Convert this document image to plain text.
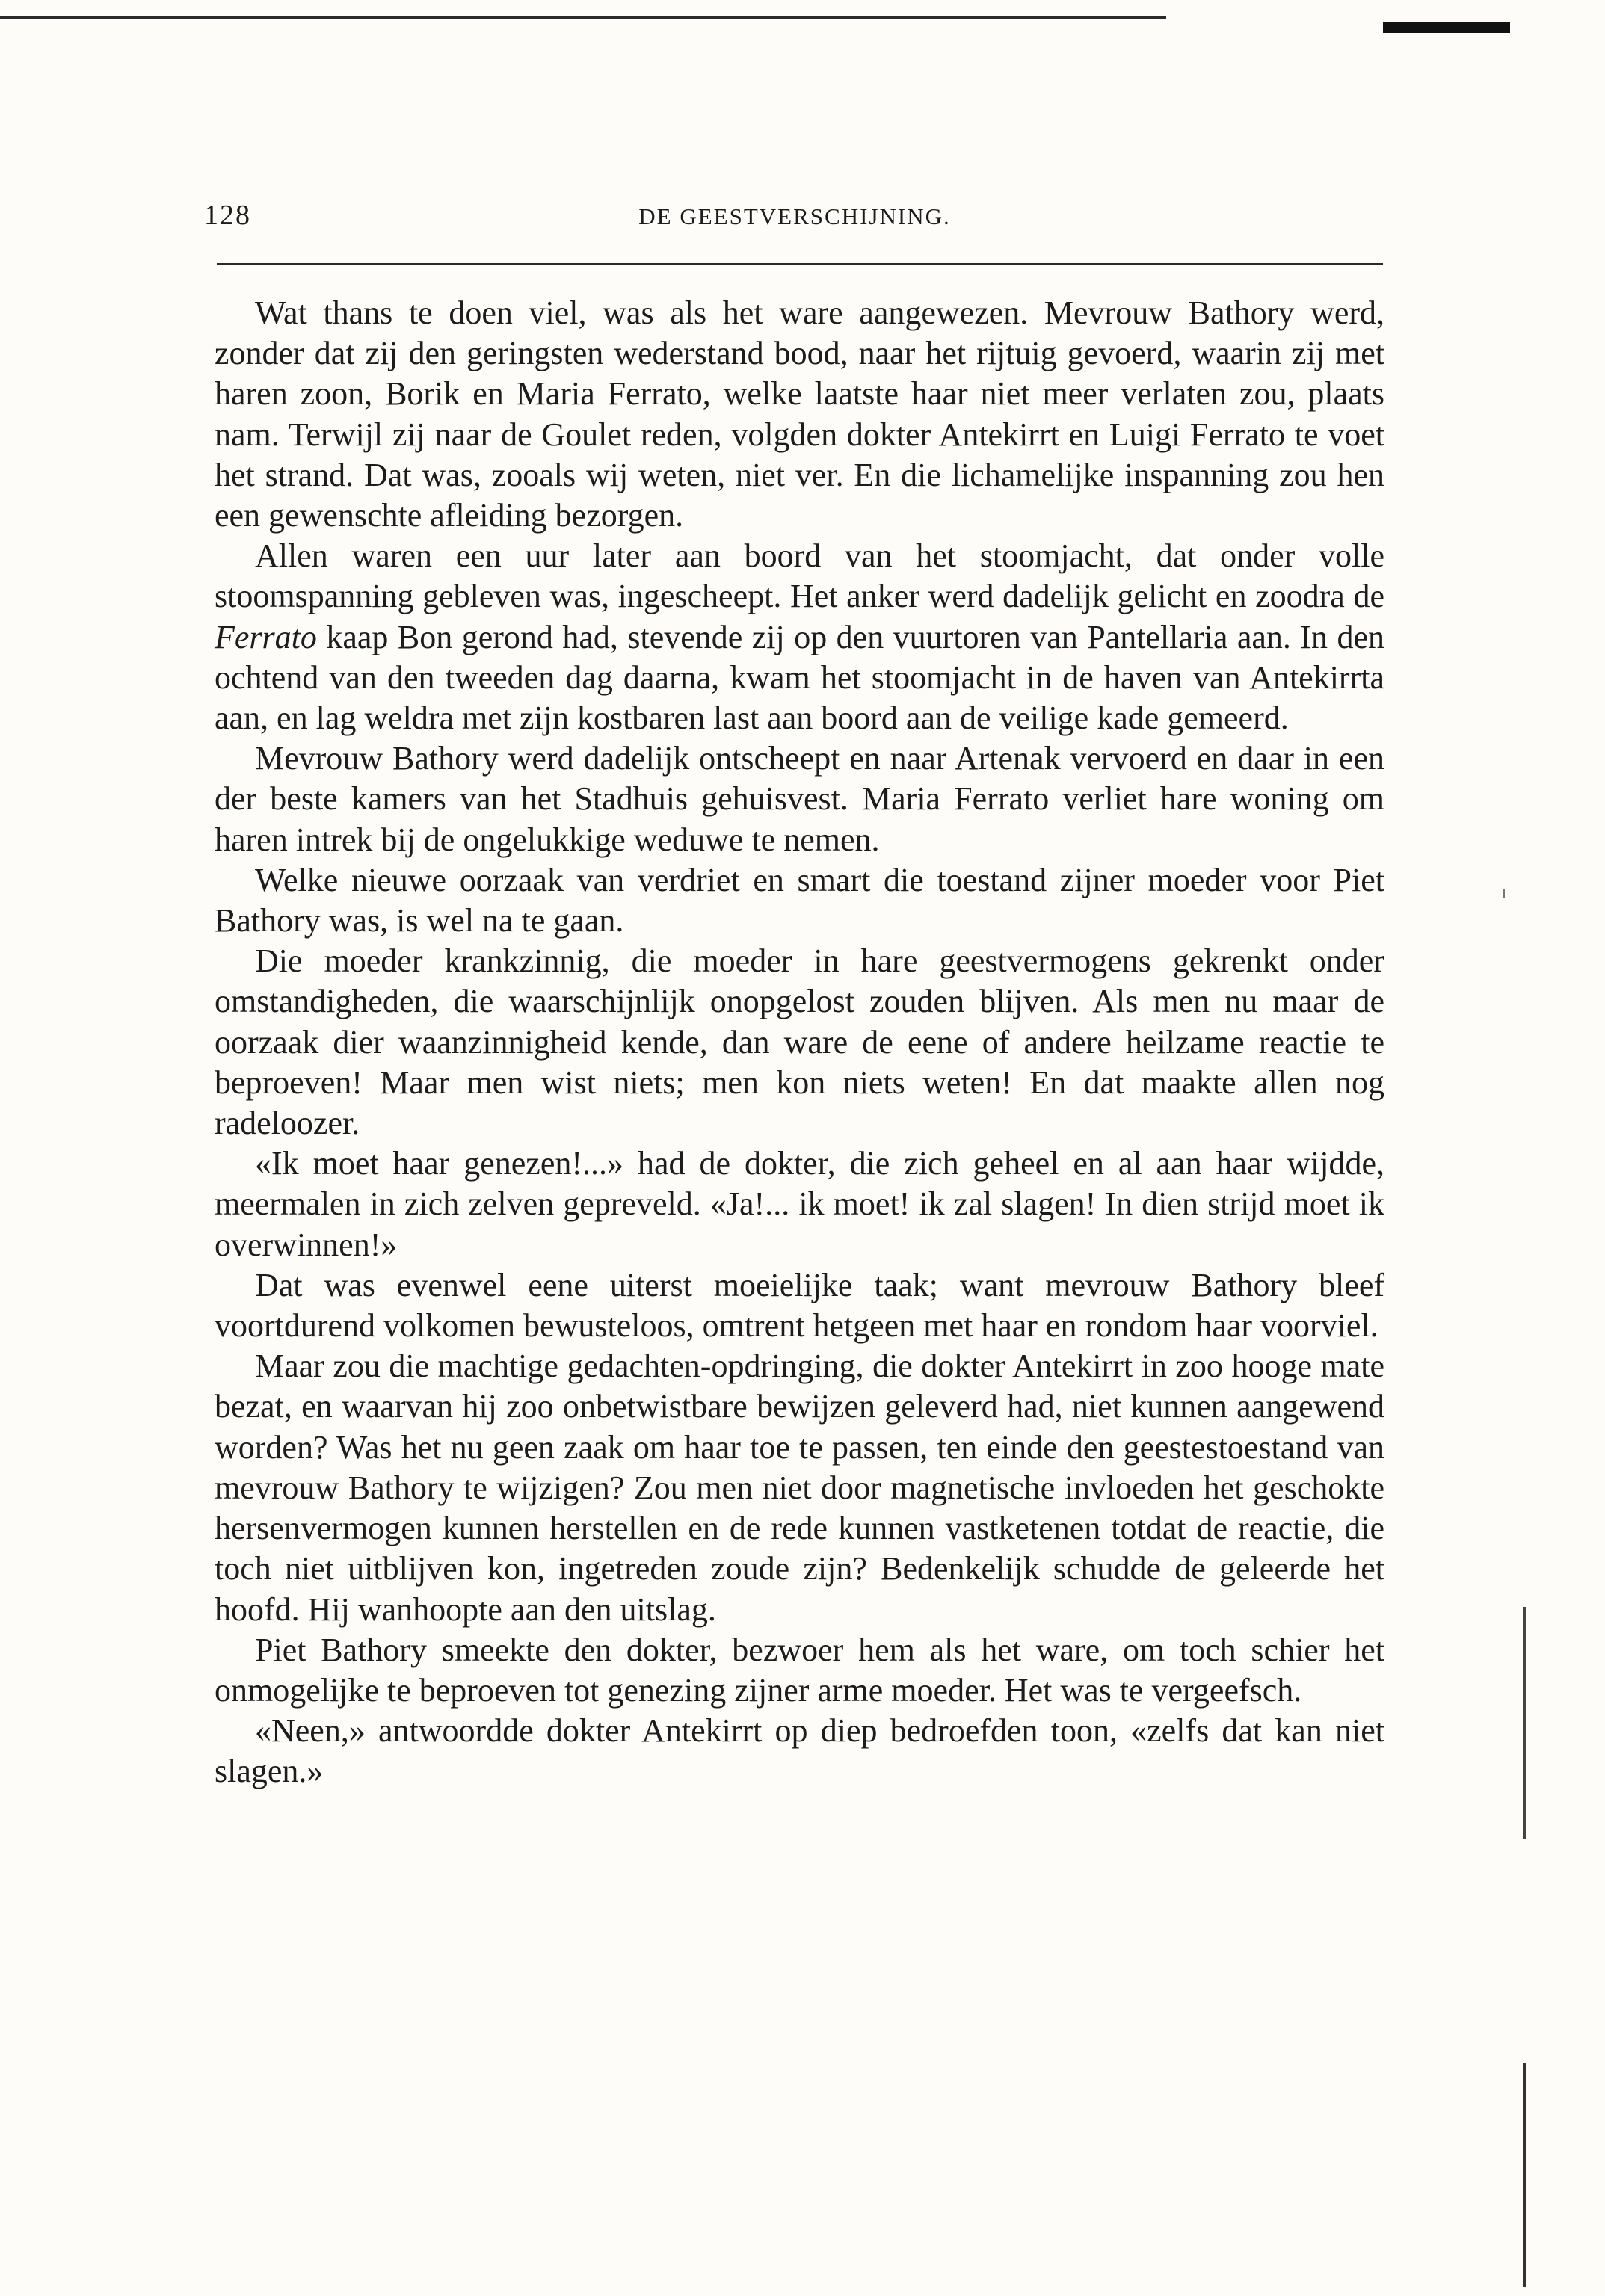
128	DE GEESTVERSCHIJNING.

Wat thans te doen viel, was als het ware aangewezen. Mevrouw Bathory werd, zonder dat zij den geringsten wederstand bood, naar het rijtuig gevoerd, waarin zij met haren zoon, Borik en Maria Ferrato, welke laatste haar niet meer verlaten zou, plaats nam. Terwijl zij naar de Goulet reden, volgden dokter Antekirrt en Luigi Ferrato te voet het strand. Dat was, zooals wij weten, niet ver. En die lichamelijke inspanning zou hen een gewenschte afleiding bezorgen.

Allen waren een uur later aan boord van het stoomjacht, dat onder volle stoomspanning gebleven was, ingescheept. Het anker werd dadelijk gelicht en zoodra de Ferrato kaap Bon gerond had, stevende zij op den vuurtoren van Pantellaria aan. In den ochtend van den tweeden dag daarna, kwam het stoomjacht in de haven van Antekirrta aan, en lag weldra met zijn kostbaren last aan boord aan de veilige kade gemeerd.

Mevrouw Bathory werd dadelijk ontscheept en naar Artenak vervoerd en daar in een der beste kamers van het Stadhuis gehuisvest. Maria Ferrato verliet hare woning om haren intrek bij de ongelukkige weduwe te nemen.

Welke nieuwe oorzaak van verdriet en smart die toestand zijner moeder voor Piet Bathory was, is wel na te gaan.

Die moeder krankzinnig, die moeder in hare geestvermogens gekrenkt onder omstandigheden, die waarschijnlijk onopgelost zouden blijven. Als men nu maar de oorzaak dier waanzinnigheid kende, dan ware de eene of andere heilzame reactie te beproeven! Maar men wist niets; men kon niets weten! En dat maakte allen nog radeloozer.

«Ik moet haar genezen!...» had de dokter, die zich geheel en al aan haar wijdde, meermalen in zich zelven gepreveld. «Ja!... ik moet! ik zal slagen! In dien strijd moet ik overwinnen!»

Dat was evenwel eene uiterst moeielijke taak; want mevrouw Bathory bleef voortdurend volkomen bewusteloos, omtrent hetgeen met haar en rondom haar voorviel.

Maar zou die machtige gedachten-opdringing, die dokter Antekirrt in zoo hooge mate bezat, en waarvan hij zoo onbetwistbare bewijzen geleverd had, niet kunnen aangewend worden? Was het nu geen zaak om haar toe te passen, ten einde den geestestoestand van mevrouw Bathory te wijzigen? Zou men niet door magnetische invloeden het geschokte hersenvermogen kunnen herstellen en de rede kunnen vastketenen totdat de reactie, die toch niet uitblijven kon, ingetreden zoude zijn? Bedenkelijk schudde de geleerde het hoofd. Hij wanhoopte aan den uitslag.

Piet Bathory smeekte den dokter, bezwoer hem als het ware, om toch schier het onmogelijke te beproeven tot genezing zijner arme moeder. Het was te vergeefsch.

«Neen,» antwoordde dokter Antekirrt op diep bedroefden toon, «zelfs dat kan niet slagen.»
